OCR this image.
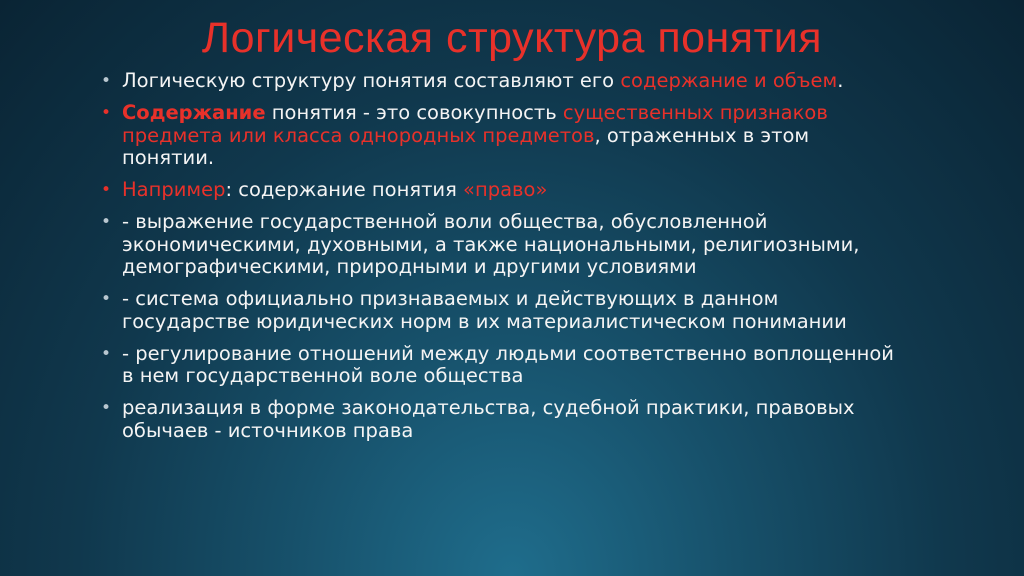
Логическая структура понятия
• Логическую структуру понятия составляют его содержание и объем.
• Содержание понятия - это совокупность существенных признаков предмета или класса однородных предметов, отраженных в этом понятии.
• Например: содержание понятия «право»
• - выражение государственной воли общества, обусловленной экономическими, духовными, а также национальными, религиозными, демографическими, природными и другими условиями
• - система официально признаваемых и действующих в данном государстве юридических норм в их материалистическом понимании
• - регулирование отношений между людьми соответственно воплощенной в нем государственной воле общества
• реализация в форме законодательства, судебной практики, правовых обычаев - источников права
